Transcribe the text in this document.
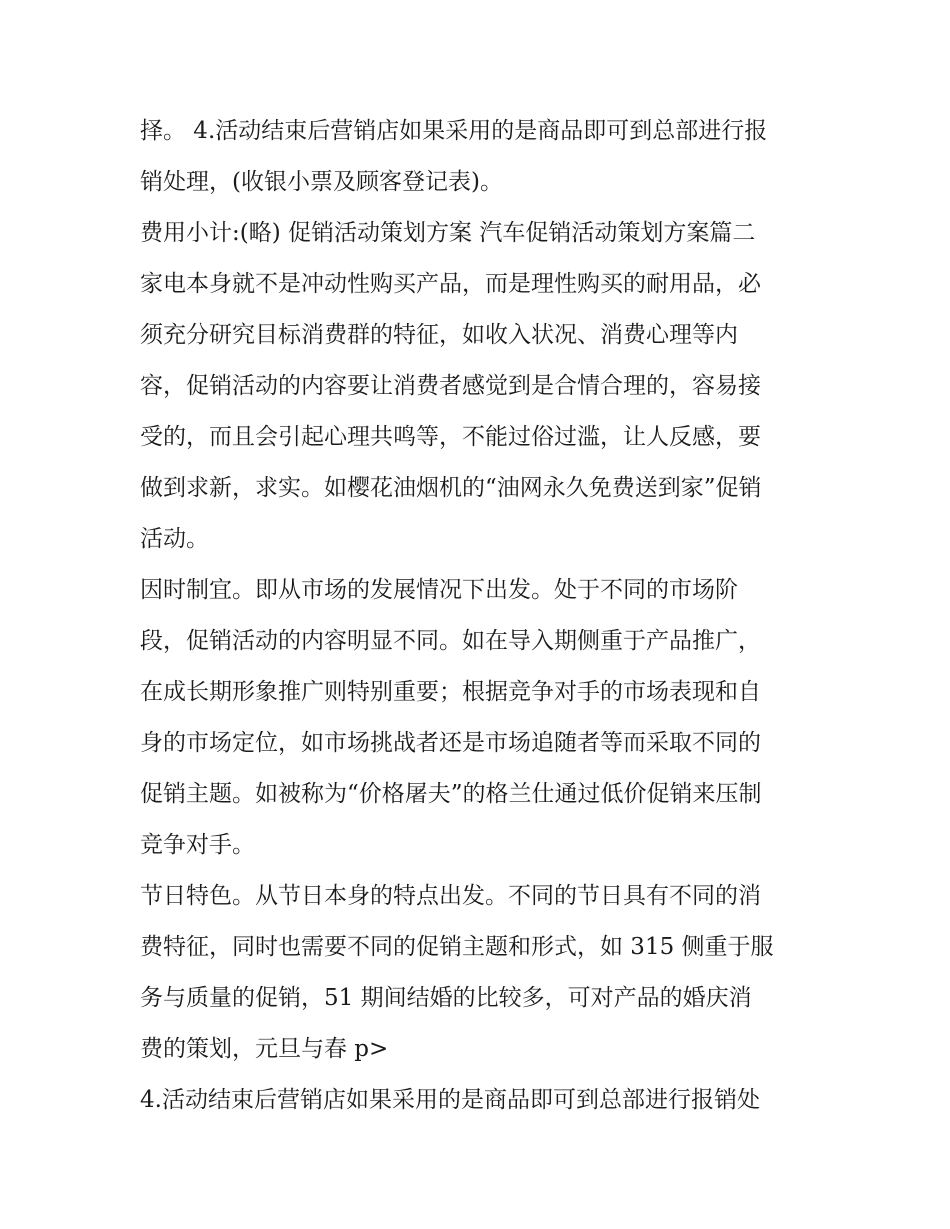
择。 4.活动结束后营销店如果采用的是商品即可到总部进行报
销处理，(收银小票及顾客登记表)。
费用小计:(略) 促销活动策划方案 汽车促销活动策划方案篇二
家电本身就不是冲动性购买产品，而是理性购买的耐用品，必
须充分研究目标消费群的特征，如收入状况、消费心理等内
容，促销活动的内容要让消费者感觉到是合情合理的，容易接
受的，而且会引起心理共鸣等，不能过俗过滥，让人反感，要
做到求新，求实。如樱花油烟机的“油网永久免费送到家”促销
活动。
因时制宜。即从市场的发展情况下出发。处于不同的市场阶
段，促销活动的内容明显不同。如在导入期侧重于产品推广，
在成长期形象推广则特别重要；根据竞争对手的市场表现和自
身的市场定位，如市场挑战者还是市场追随者等而采取不同的
促销主题。如被称为“价格屠夫”的格兰仕通过低价促销来压制
竞争对手。
节日特色。从节日本身的特点出发。不同的节日具有不同的消
费特征，同时也需要不同的促销主题和形式，如 315 侧重于服
务与质量的促销，51 期间结婚的比较多，可对产品的婚庆消
费的策划，元旦与春 p>
4.活动结束后营销店如果采用的是商品即可到总部进行报销处
